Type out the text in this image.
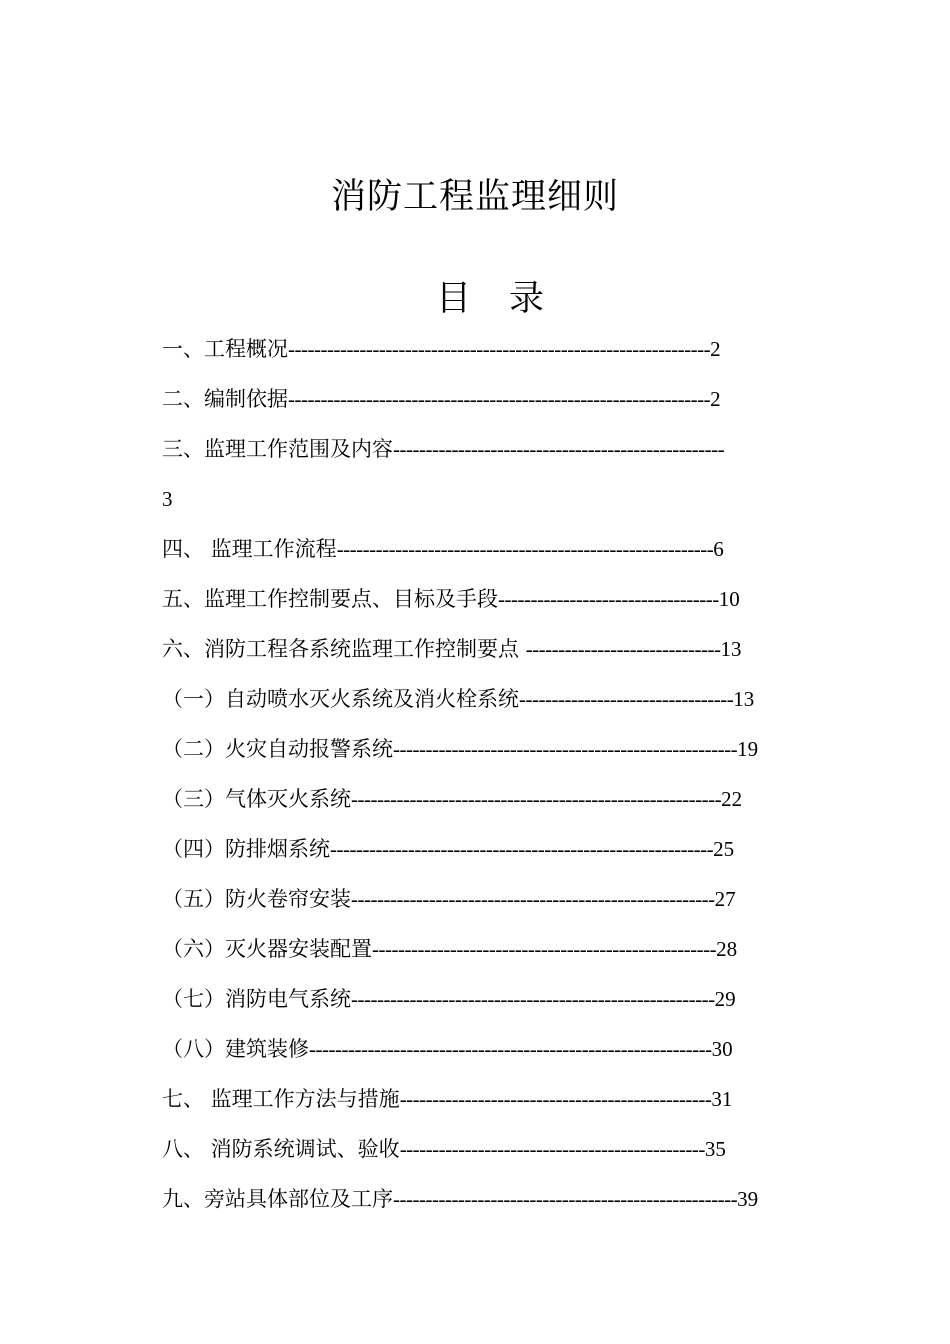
消防工程监理细则
目 录
一、工程概况-----------------------------------------------------------------2
二、编制依据-----------------------------------------------------------------2
三、监理工作范围及内容---------------------------------------------------
3
四、 监理工作流程----------------------------------------------------------6
五、监理工作控制要点、目标及手段----------------------------------10
六、消防工程各系统监理工作控制要点 ------------------------------13
（一）自动喷水灭火系统及消火栓系统---------------------------------13
（二）火灾自动报警系统-----------------------------------------------------19
（三）气体灭火系统---------------------------------------------------------22
（四）防排烟系统-----------------------------------------------------------25
（五）防火卷帘安装--------------------------------------------------------27
（六）灭火器安装配置-----------------------------------------------------28
（七）消防电气系统--------------------------------------------------------29
（八）建筑装修--------------------------------------------------------------30
七、 监理工作方法与措施------------------------------------------------31
八、 消防系统调试、验收-----------------------------------------------35
九、旁站具体部位及工序-----------------------------------------------------39
